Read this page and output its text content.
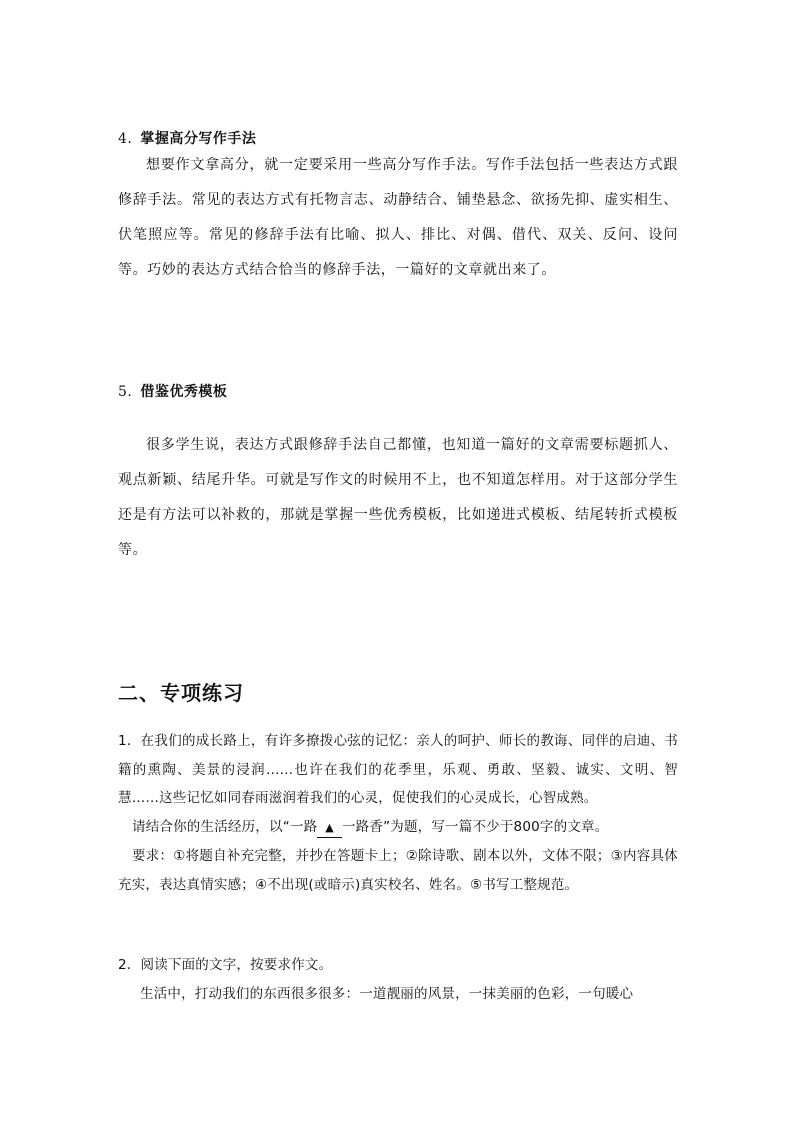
4. 掌握高分写作手法

想要作文拿高分，就一定要采用一些高分写作手法。写作手法包括一些表达方式跟修辞手法。常见的表达方式有托物言志、动静结合、铺垫悬念、欲扬先抑、虚实相生、伏笔照应等。常见的修辞手法有比喻、拟人、排比、对偶、借代、双关、反问、设问等。巧妙的表达方式结合恰当的修辞手法，一篇好的文章就出来了。

5. 借鉴优秀模板

很多学生说，表达方式跟修辞手法自己都懂，也知道一篇好的文章需要标题抓人、观点新颖、结尾升华。可就是写作文的时候用不上，也不知道怎样用。对于这部分学生还是有方法可以补救的，那就是掌握一些优秀模板，比如递进式模板、结尾转折式模板等。

二、专项练习

1．在我们的成长路上，有许多撩拨心弦的记忆：亲人的呵护、师长的教诲、同伴的启迪、书籍的熏陶、美景的浸润……也许在我们的花季里，乐观、勇敢、坚毅、诚实、文明、智慧……这些记忆如同春雨滋润着我们的心灵，促使我们的心灵成长，心智成熟。

请结合你的生活经历，以“一路 ▲ 一路香”为题，写一篇不少于800字的文章。

要求：①将题自补充完整，并抄在答题卡上；②除诗歌、剧本以外，文体不限；③内容具体充实，表达真情实感；④不出现(或暗示)真实校名、姓名。⑤书写工整规范。

2．阅读下面的文字，按要求作文。

生活中，打动我们的东西很多很多：一道靓丽的风景，一抹美丽的色彩，一句暖心
